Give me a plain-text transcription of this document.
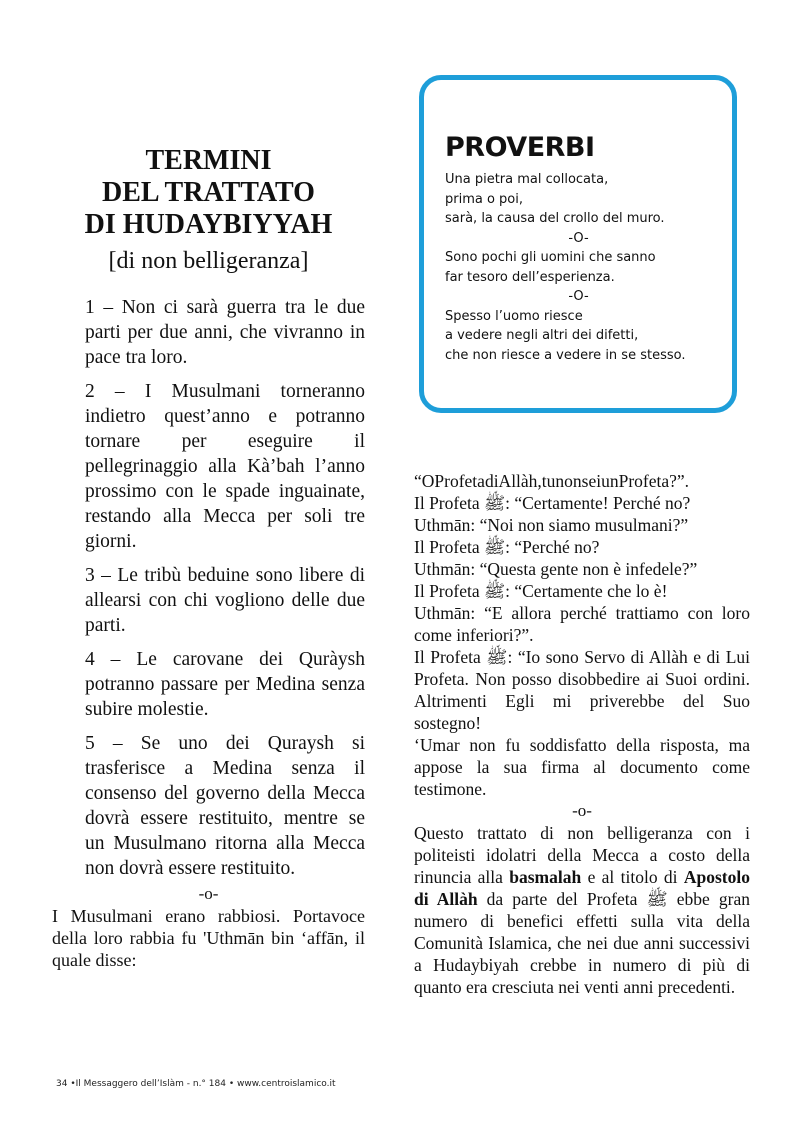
TERMINI
DEL TRATTATO
DI HUDAYBIYYAH
[di non belligeranza]

1 – Non ci sarà guerra tra le due parti per due anni, che vivranno in pace tra loro.

2 – I Musulmani torneranno indietro quest’anno e potranno tornare per eseguire il pellegrinaggio alla Kà’bah l’anno prossimo con le spade inguainate, restando alla Mecca per soli tre giorni.

3 – Le tribù beduine sono libere di allearsi con chi vogliono delle due parti.

4 – Le carovane dei Quràysh potranno passare per Medina senza subire molestie.

5 – Se uno dei Quraysh si trasferisce a Medina senza il consenso del governo della Mecca dovrà essere restituito, mentre se un Musulmano ritorna alla Mecca non dovrà essere restituito.

-o-

I Musulmani erano rabbiosi. Portavoce della loro rabbia fu 'Uthmān bin ‘affān, il quale disse:

PROVERBI
Una pietra mal collocata,
prima o poi,
sarà, la causa del crollo del muro.
-O-
Sono pochi gli uomini che sanno
far tesoro dell’esperienza.
-O-
Spesso l’uomo riesce
a vedere negli altri dei difetti,
che non riesce a vedere in se stesso.

“OProfetadiAllàh,tunonseiunProfeta?”.

Il Profeta ﷺ: “Certamente! Perché no?

Uthmān: “Noi non siamo musulmani?”

Il Profeta ﷺ: “Perché no?

Uthmān: “Questa gente non è infedele?”

Il Profeta ﷺ: “Certamente che lo è!

Uthmān: “E allora perché trattiamo con loro come inferiori?”.

Il Profeta ﷺ: “Io sono Servo di Allàh e di Lui Profeta. Non posso disobbedire ai Suoi ordini. Altrimenti Egli mi priverebbe del Suo sostegno!

‘Umar non fu soddisfatto della risposta, ma appose la sua firma al documento come testimone.

-o-

Questo trattato di non belligeranza con i politeisti idolatri della Mecca a costo della rinuncia alla basmalah e al titolo di Apostolo di Allàh da parte del Profeta ﷺ ebbe gran numero di benefici effetti sulla vita della Comunità Islamica, che nei due anni successivi a Hudaybiyah crebbe in numero di più di quanto era cresciuta nei venti anni precedenti.

34 •Il Messaggero dell’Islàm - n.° 184 • www.centroislamico.it
